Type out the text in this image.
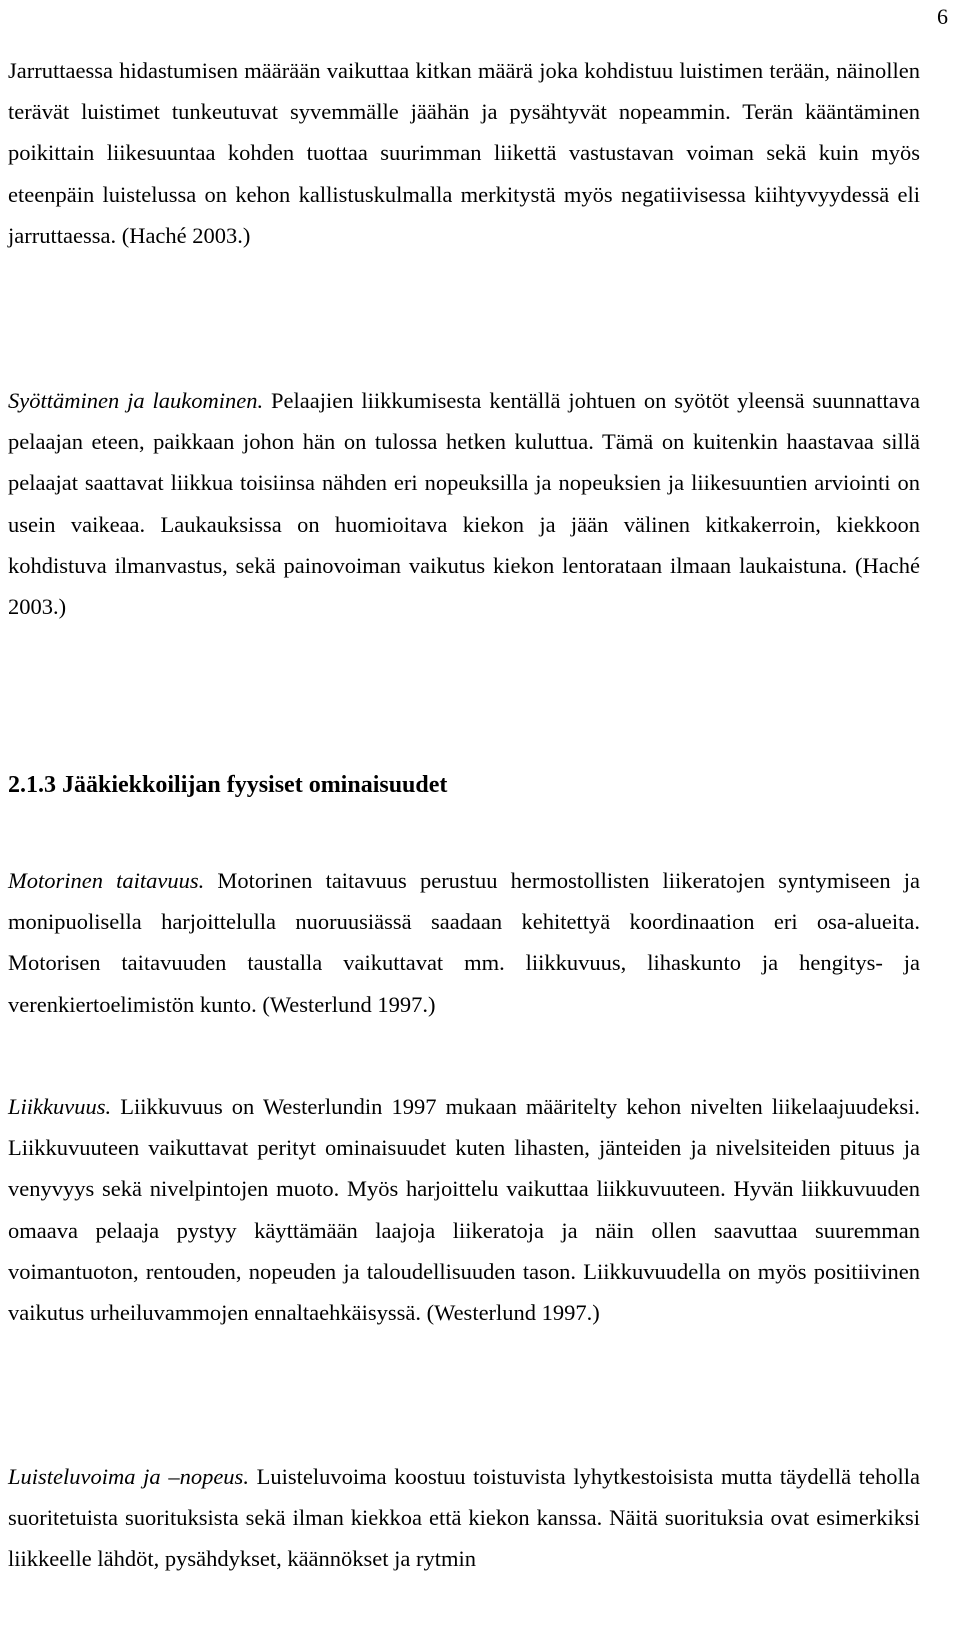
6

Jarruttaessa hidastumisen määrään vaikuttaa kitkan määrä joka kohdistuu luistimen terään, näinollen terävät luistimet tunkeutuvat syvemmälle jäähän ja pysähtyvät nopeammin. Terän kääntäminen poikittain liikesuuntaa kohden tuottaa suurimman liikettä vastustavan voiman sekä kuin myös eteenpäin luistelussa on kehon kallistuskulmalla merkitystä myös negatiivisessa kiihtyvyydessä eli jarruttaessa. (Haché 2003.)

Syöttäminen ja laukominen. Pelaajien liikkumisesta kentällä johtuen on syötöt yleensä suunnattava pelaajan eteen, paikkaan johon hän on tulossa hetken kuluttua. Tämä on kuitenkin haastavaa sillä pelaajat saattavat liikkua toisiinsa nähden eri nopeuksilla ja nopeuksien ja liikesuuntien arviointi on usein vaikeaa. Laukauksissa on huomioitava kiekon ja jään välinen kitkakerroin, kiekkoon kohdistuva ilmanvastus, sekä painovoiman vaikutus kiekon lentorataan ilmaan laukaistuna. (Haché 2003.)

2.1.3 Jääkiekkoilijan fyysiset ominaisuudet

Motorinen taitavuus. Motorinen taitavuus perustuu hermostollisten liikeratojen syntymiseen ja monipuolisella harjoittelulla nuoruusiässä saadaan kehitettyä koordinaation eri osa-alueita. Motorisen taitavuuden taustalla vaikuttavat mm. liikkuvuus, lihaskunto ja hengitys- ja verenkiertoelimistön kunto. (Westerlund 1997.)

Liikkuvuus. Liikkuvuus on Westerlundin 1997 mukaan määritelty kehon nivelten liikelaajuudeksi. Liikkuvuuteen vaikuttavat perityt ominaisuudet kuten lihasten, jänteiden ja nivelsiteiden pituus ja venyvyys sekä nivelpintojen muoto. Myös harjoittelu vaikuttaa liikkuvuuteen. Hyvän liikkuvuuden omaava pelaaja pystyy käyttämään laajoja liikeratoja ja näin ollen saavuttaa suuremman voimantuoton, rentouden, nopeuden ja taloudellisuuden tason. Liikkuvuudella on myös positiivinen vaikutus urheiluvammojen ennaltaehkäisyssä. (Westerlund 1997.)

Luisteluvoima ja –nopeus. Luisteluvoima koostuu toistuvista lyhytkestoisista mutta täydellä teholla suoritetuista suorituksista sekä ilman kiekkoa että kiekon kanssa. Näitä suorituksia ovat esimerkiksi liikkeelle lähdöt, pysähdykset, käännökset ja rytmin
